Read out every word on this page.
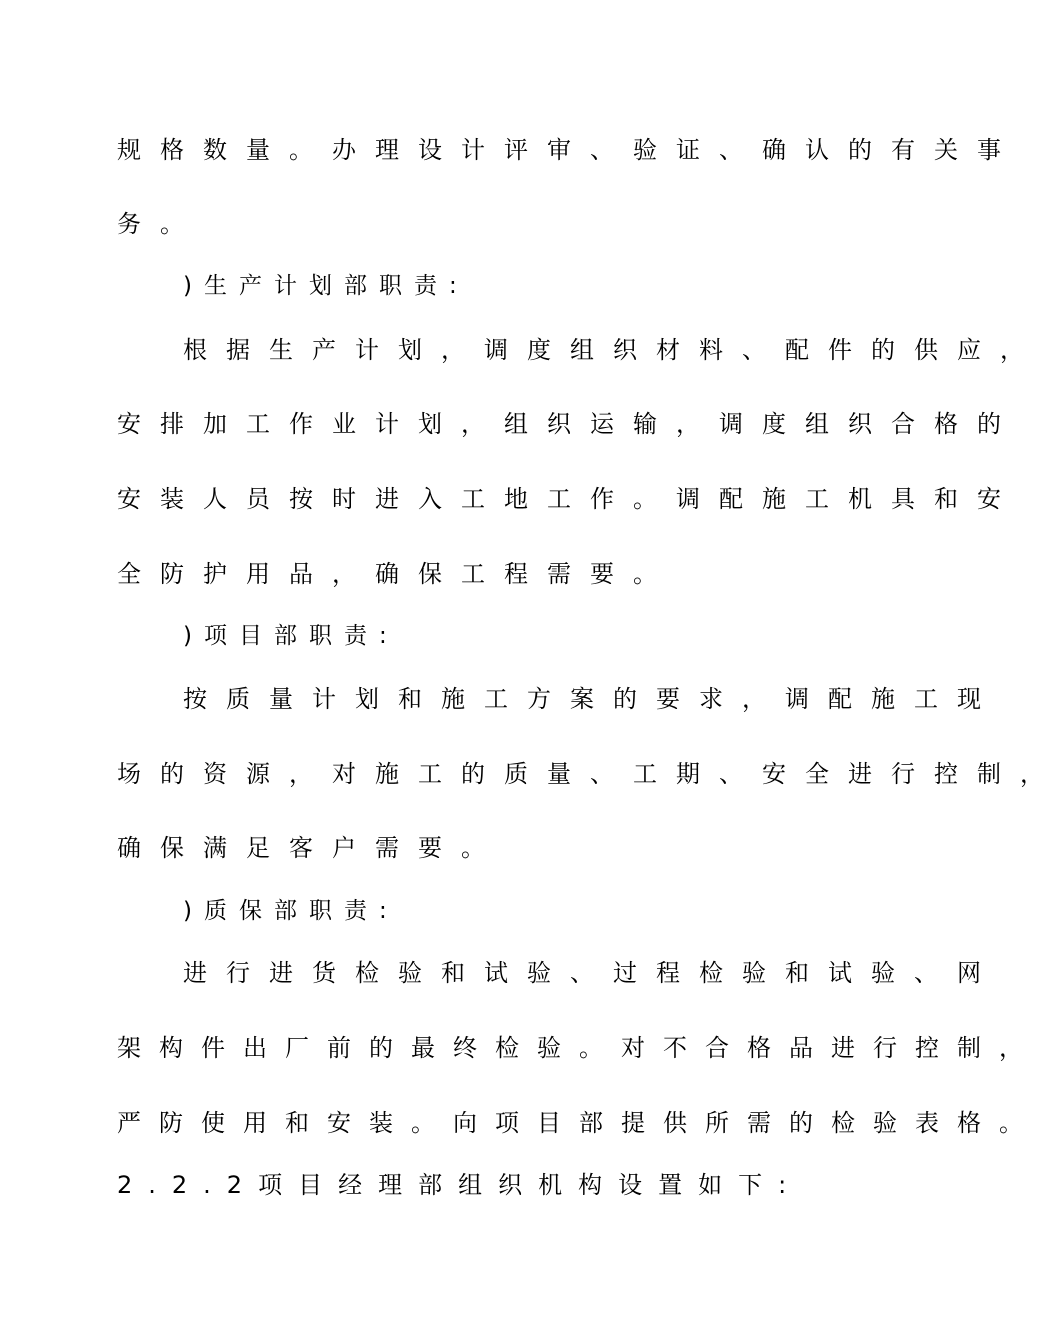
规格数量。办理设计评审、验证、确认的有关事
务。
)生产计划部职责:
根据生产计划，调度组织材料、配件的供应，
安排加工作业计划，组织运输，调度组织合格的
安装人员按时进入工地工作。调配施工机具和安
全防护用品，确保工程需要。
)项目部职责:
按质量计划和施工方案的要求，调配施工现
场的资源，对施工的质量、工期、安全进行控制，
确保满足客户需要。
)质保部职责:
进行进货检验和试验、过程检验和试验、网
架构件出厂前的最终检验。对不合格品进行控制，
严防使用和安装。向项目部提供所需的检验表格。
2.2.2项目经理部组织机构设置如下:
